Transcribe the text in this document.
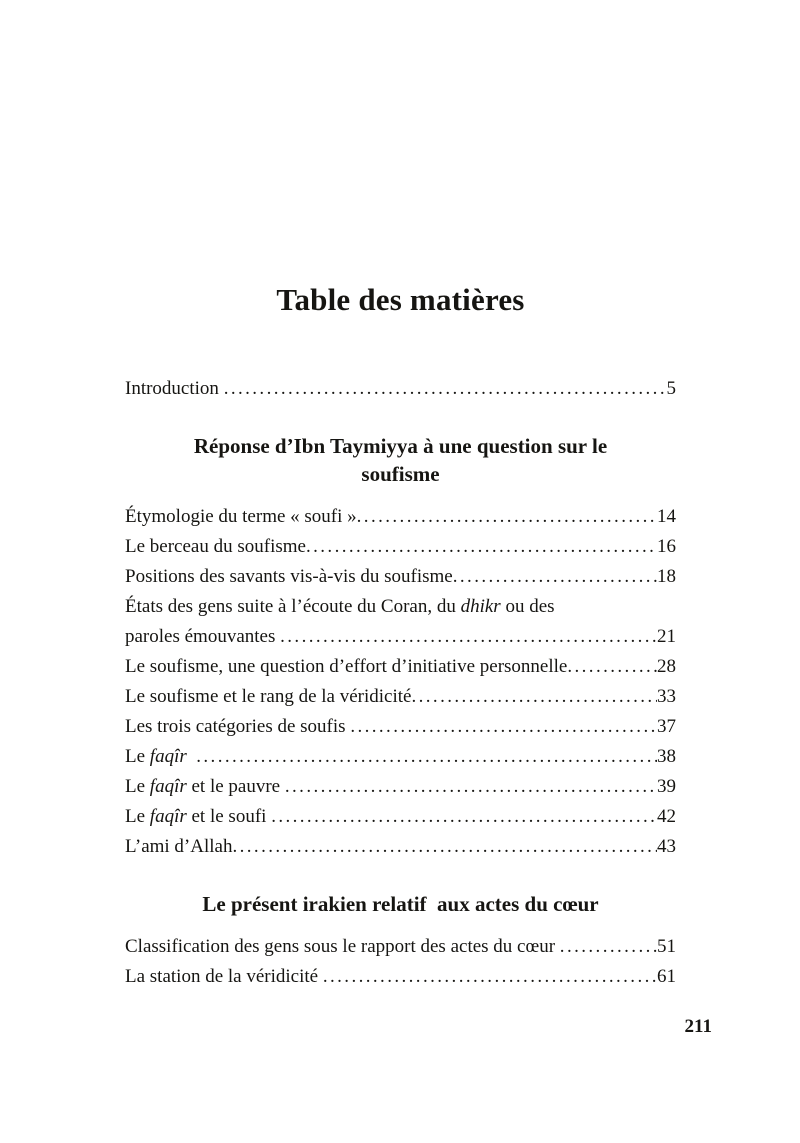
Table des matières
Introduction .....	5
Réponse d’Ibn Taymiyya à une question sur le
soufisme
Étymologie du terme « soufi » .....	14
Le berceau du soufisme .....	16
Positions des savants vis-à-vis du soufisme .....	18
États des gens suite à l’écoute du Coran, du dhikr ou des
paroles émouvantes .....	21
Le soufisme, une question d’effort d’initiative personnelle .....	28
Le soufisme et le rang de la véridicité .....	33
Les trois catégories de soufis .....	37
Le faqîr .....	38
Le faqîr et le pauvre .....	39
Le faqîr et le soufi .....	42
L’ami d’Allah .....	43
Le présent irakien relatif  aux actes du cœur
Classification des gens sous le rapport des actes du cœur .....	51
La station de la véridicité .....	61
211
